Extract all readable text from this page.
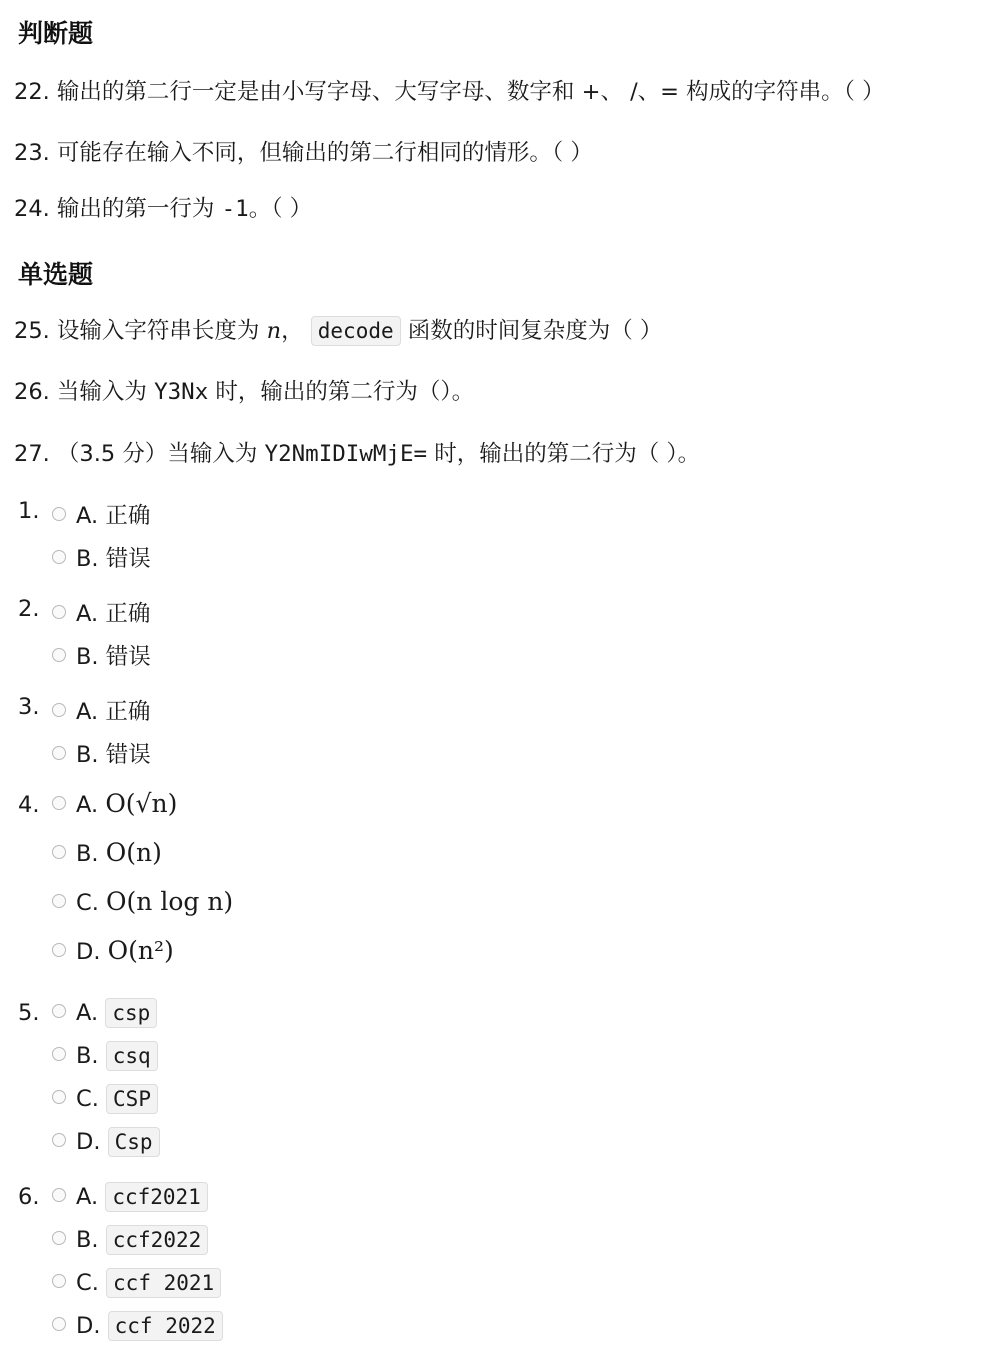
判断题
22. 输出的第二行一定是由小写字母、大写字母、数字和 +、 /、= 构成的字符串。（ ）
23. 可能存在输入不同，但输出的第二行相同的情形。（ ）
24. 输出的第一行为 -1。（ ）
单选题
25. 设输入字符串长度为 n， decode 函数的时间复杂度为（ ）
26. 当输入为 Y3Nx 时，输出的第二行为（）。
27. （3.5 分）当输入为 Y2NmIDIwMjE= 时，输出的第二行为（ ）。
1.	A. 正确
B. 错误
2.	A. 正确
B. 错误
3.	A. 正确
B. 错误
4.	A. O(√n)
B. O(n)
C. O(n log n)
D. O(n²)
5.	A. csp
B. csq
C. CSP
D. Csp
6.	A. ccf2021
B. ccf2022
C. ccf 2021
D. ccf 2022
